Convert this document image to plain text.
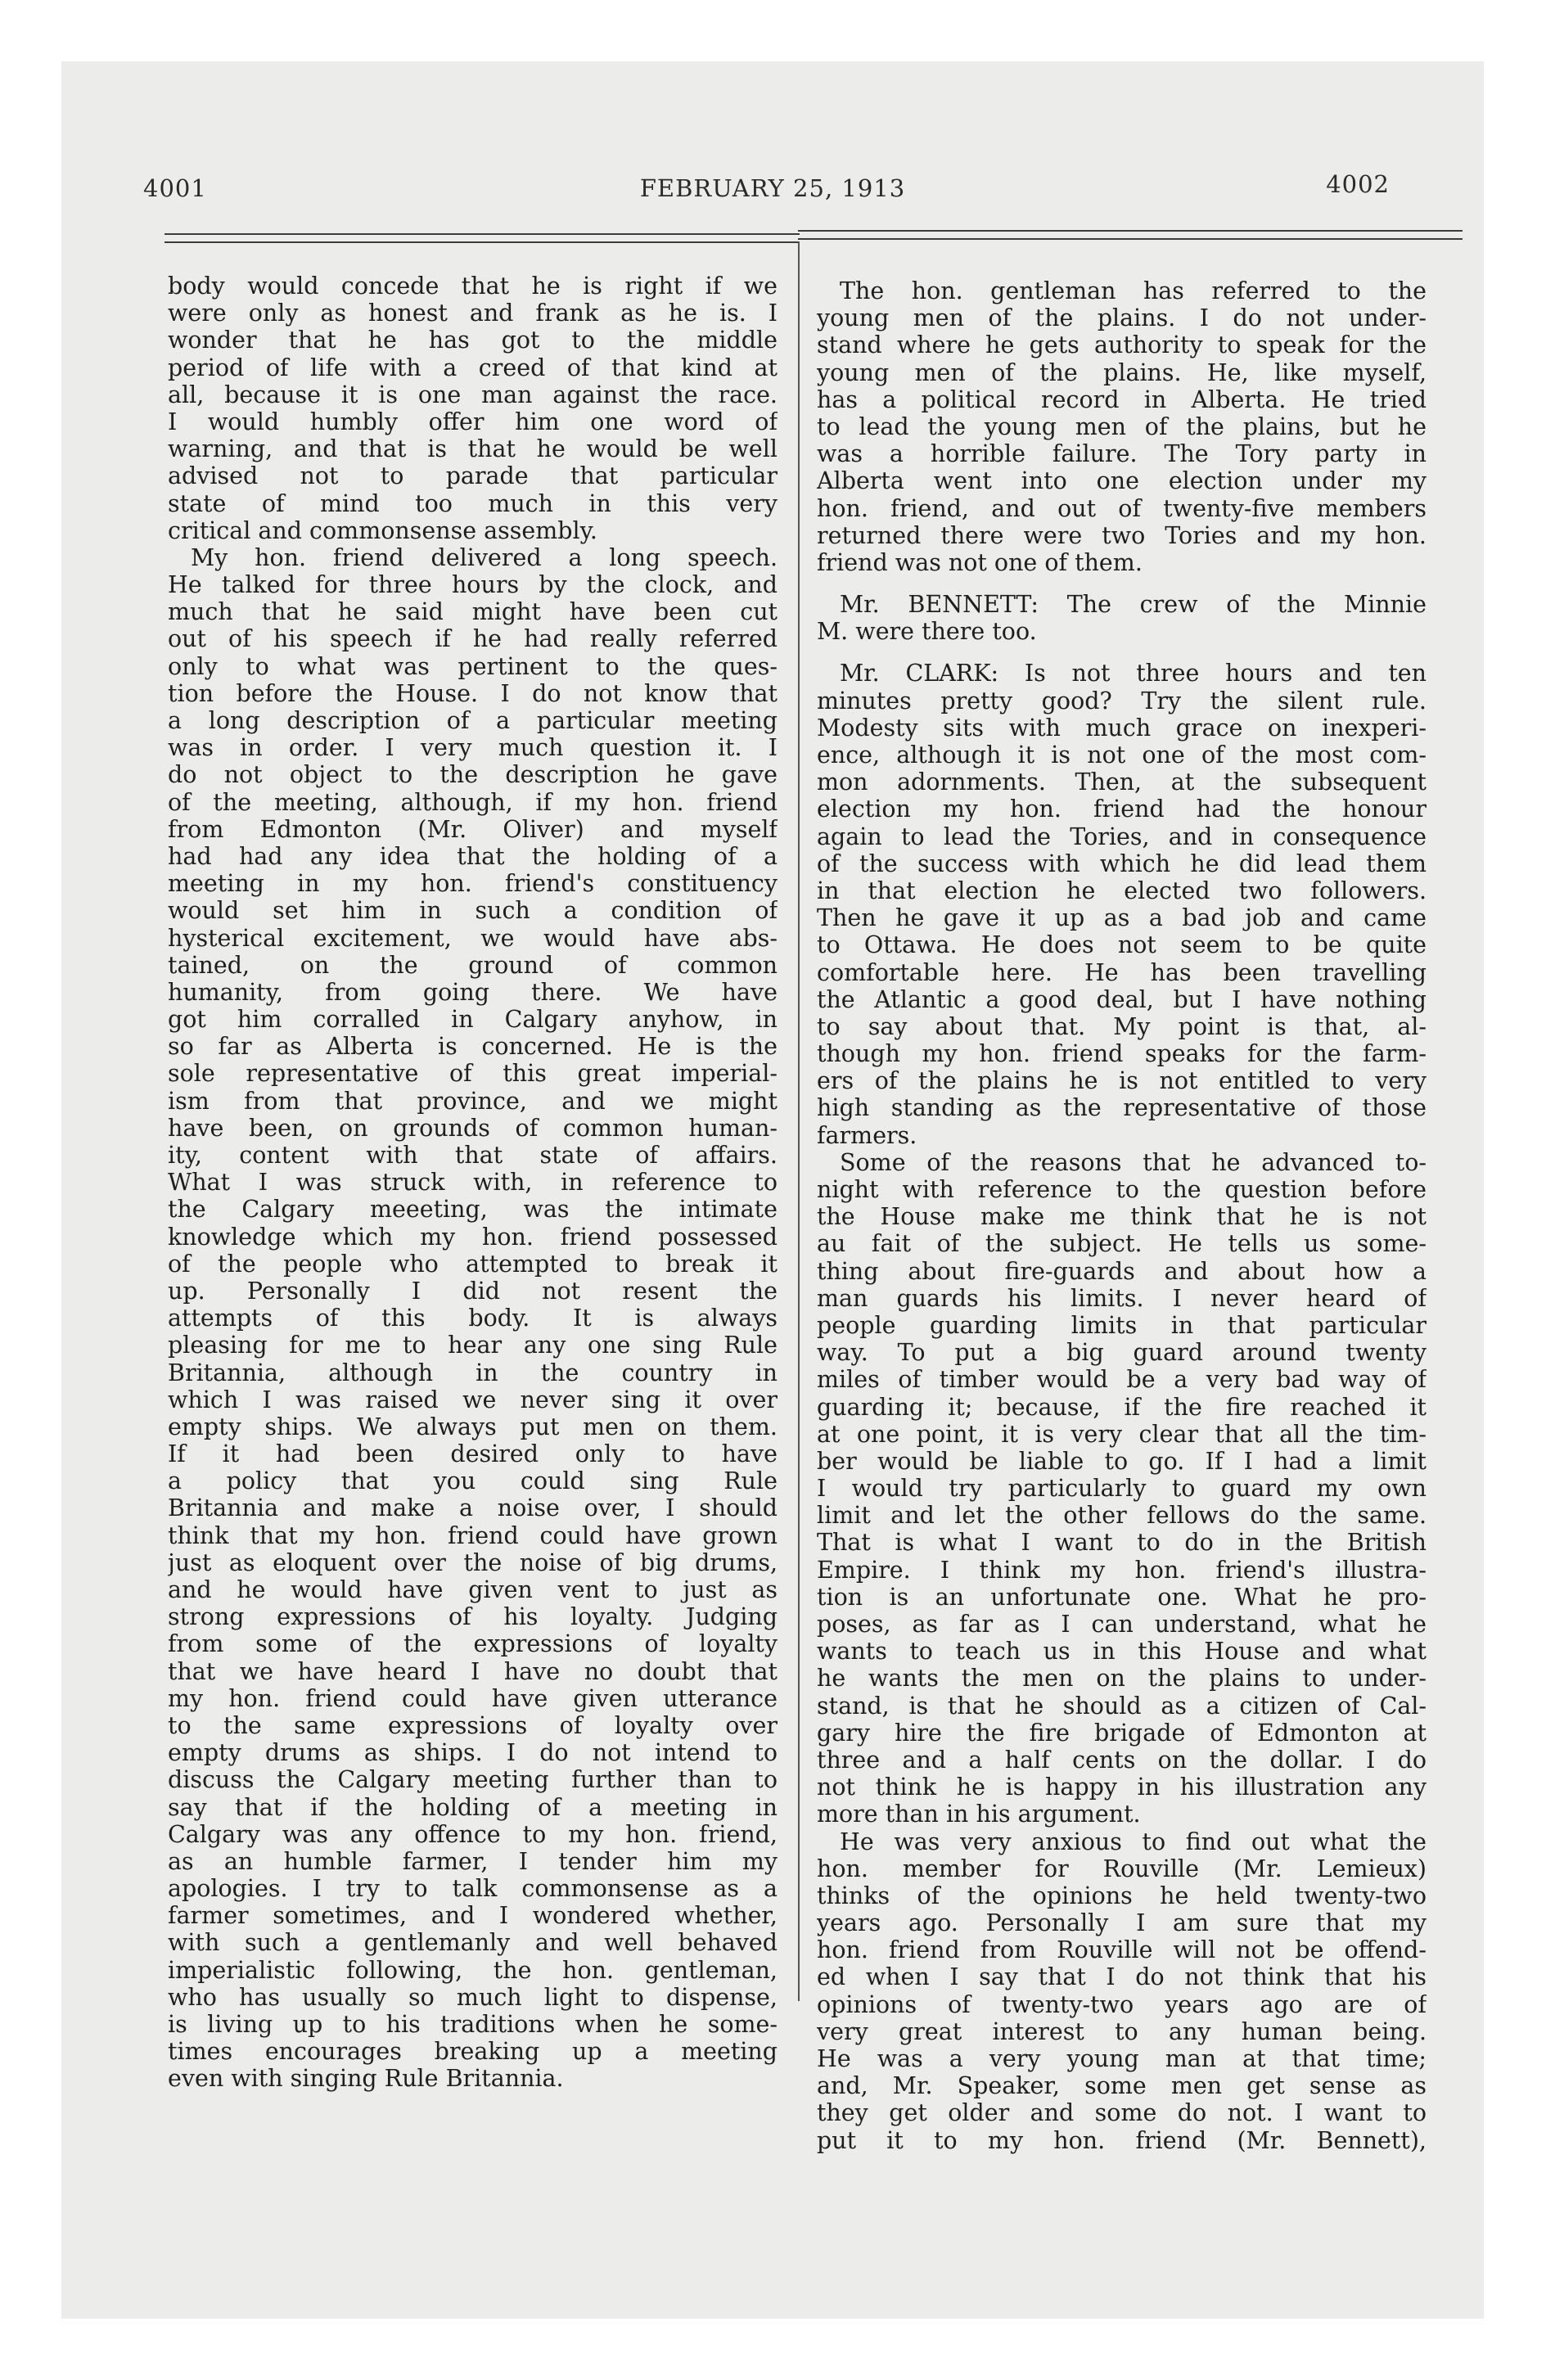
4001	FEBRUARY 25, 1913	4002
body would concede that he is right if we
were only as honest and frank as he is. I
wonder that he has got to the middle
period of life with a creed of that kind at
all, because it is one man against the race.
I would humbly offer him one word of
warning, and that is that he would be well
advised not to parade that particular
state of mind too much in this very
critical and commonsense assembly.
My hon. friend delivered a long speech.
He talked for three hours by the clock, and
much that he said might have been cut
out of his speech if he had really referred
only to what was pertinent to the ques-
tion before the House. I do not know that
a long description of a particular meeting
was in order. I very much question it. I
do not object to the description he gave
of the meeting, although, if my hon. friend
from Edmonton (Mr. Oliver) and myself
had had any idea that the holding of a
meeting in my hon. friend's constituency
would set him in such a condition of
hysterical excitement, we would have abs-
tained, on the ground of common
humanity, from going there. We have
got him corralled in Calgary anyhow, in
so far as Alberta is concerned. He is the
sole representative of this great imperial-
ism from that province, and we might
have been, on grounds of common human-
ity, content with that state of affairs.
What I was struck with, in reference to
the Calgary meeeting, was the intimate
knowledge which my hon. friend possessed
of the people who attempted to break it
up. Personally I did not resent the
attempts of this body. It is always
pleasing for me to hear any one sing Rule
Britannia, although in the country in
which I was raised we never sing it over
empty ships. We always put men on them.
If it had been desired only to have
a policy that you could sing Rule
Britannia and make a noise over, I should
think that my hon. friend could have grown
just as eloquent over the noise of big drums,
and he would have given vent to just as
strong expressions of his loyalty. Judging
from some of the expressions of loyalty
that we have heard I have no doubt that
my hon. friend could have given utterance
to the same expressions of loyalty over
empty drums as ships. I do not intend to
discuss the Calgary meeting further than to
say that if the holding of a meeting in
Calgary was any offence to my hon. friend,
as an humble farmer, I tender him my
apologies. I try to talk commonsense as a
farmer sometimes, and I wondered whether,
with such a gentlemanly and well behaved
imperialistic following, the hon. gentleman,
who has usually so much light to dispense,
is living up to his traditions when he some-
times encourages breaking up a meeting
even with singing Rule Britannia.
The hon. gentleman has referred to the
young men of the plains. I do not under-
stand where he gets authority to speak for the
young men of the plains. He, like myself,
has a political record in Alberta. He tried
to lead the young men of the plains, but he
was a horrible failure. The Tory party in
Alberta went into one election under my
hon. friend, and out of twenty-five members
returned there were two Tories and my hon.
friend was not one of them.
Mr. BENNETT: The crew of the Minnie
M. were there too.
Mr. CLARK: Is not three hours and ten
minutes pretty good? Try the silent rule.
Modesty sits with much grace on inexperi-
ence, although it is not one of the most com-
mon adornments. Then, at the subsequent
election my hon. friend had the honour
again to lead the Tories, and in consequence
of the success with which he did lead them
in that election he elected two followers.
Then he gave it up as a bad job and came
to Ottawa. He does not seem to be quite
comfortable here. He has been travelling
the Atlantic a good deal, but I have nothing
to say about that. My point is that, al-
though my hon. friend speaks for the farm-
ers of the plains he is not entitled to very
high standing as the representative of those
farmers.
Some of the reasons that he advanced to-
night with reference to the question before
the House make me think that he is not
au fait of the subject. He tells us some-
thing about fire-guards and about how a
man guards his limits. I never heard of
people guarding limits in that particular
way. To put a big guard around twenty
miles of timber would be a very bad way of
guarding it; because, if the fire reached it
at one point, it is very clear that all the tim-
ber would be liable to go. If I had a limit
I would try particularly to guard my own
limit and let the other fellows do the same.
That is what I want to do in the British
Empire. I think my hon. friend's illustra-
tion is an unfortunate one. What he pro-
poses, as far as I can understand, what he
wants to teach us in this House and what
he wants the men on the plains to under-
stand, is that he should as a citizen of Cal-
gary hire the fire brigade of Edmonton at
three and a half cents on the dollar. I do
not think he is happy in his illustration any
more than in his argument.
He was very anxious to find out what the
hon. member for Rouville (Mr. Lemieux)
thinks of the opinions he held twenty-two
years ago. Personally I am sure that my
hon. friend from Rouville will not be offend-
ed when I say that I do not think that his
opinions of twenty-two years ago are of
very great interest to any human being.
He was a very young man at that time;
and, Mr. Speaker, some men get sense as
they get older and some do not. I want to
put it to my hon. friend (Mr. Bennett),
